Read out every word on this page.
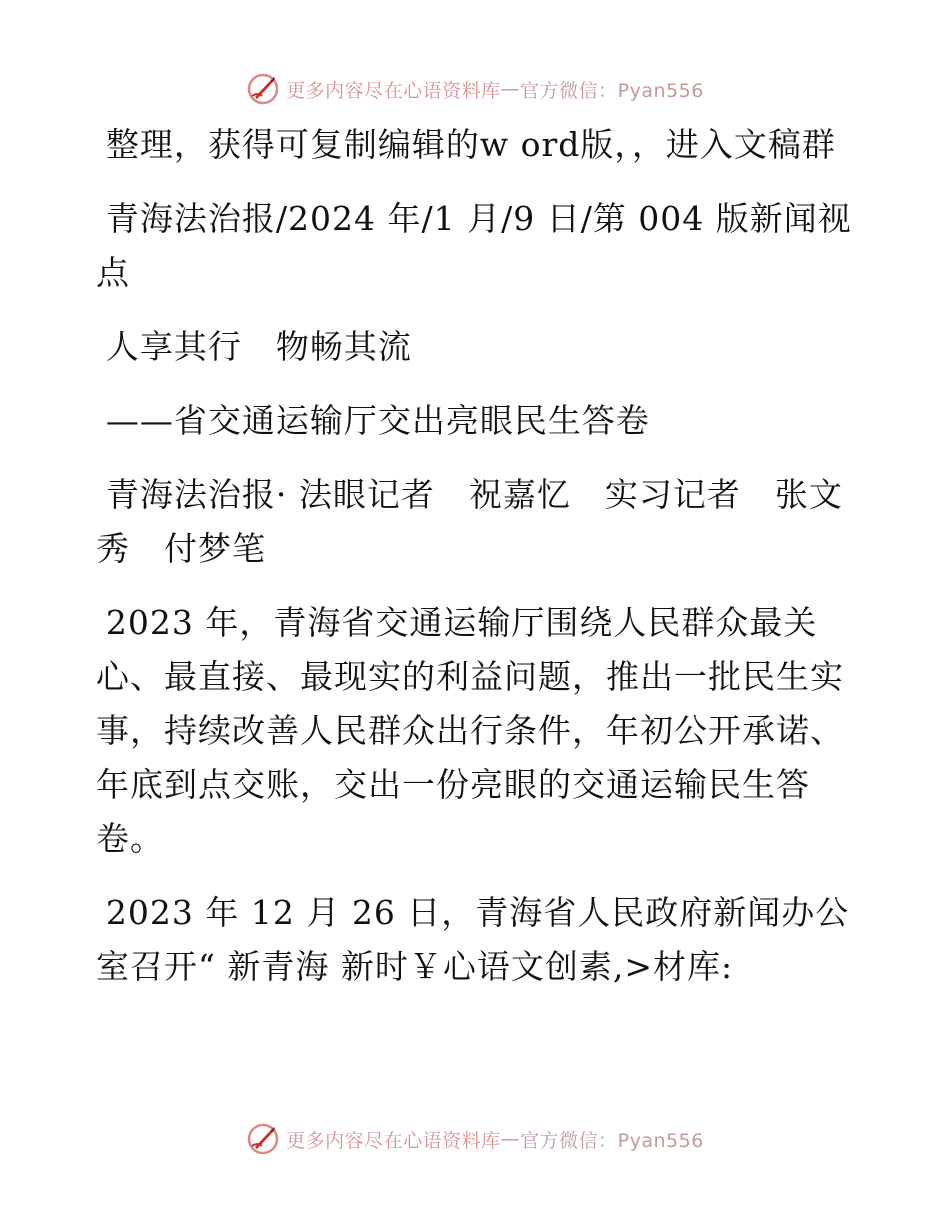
更多内容尽在心语资料库 — 官方微信：Pyan556

整理，获得可复制编辑的w ord版，，进入文稿群

青海法治报/2024 年/1 月/9 日/第 004 版新闻视点

人享其行　物畅其流

——省交通运输厅交出亮眼民生答卷

青海法治报· 法眼记者　祝嘉忆　实习记者　张文秀　付梦笔

2023 年，青海省交通运输厅围绕人民群众最关心、最直接、最现实的利益问题，推出一批民生实事，持续改善人民群众出行条件，年初公开承诺、年底到点交账，交出一份亮眼的交通运输民生答卷。

2023 年 12 月 26 日，青海省人民政府新闻办公室召开“ 新青海 新时￥心语文创素,>材库:

更多内容尽在心语资料库 — 官方微信：Pyan556
